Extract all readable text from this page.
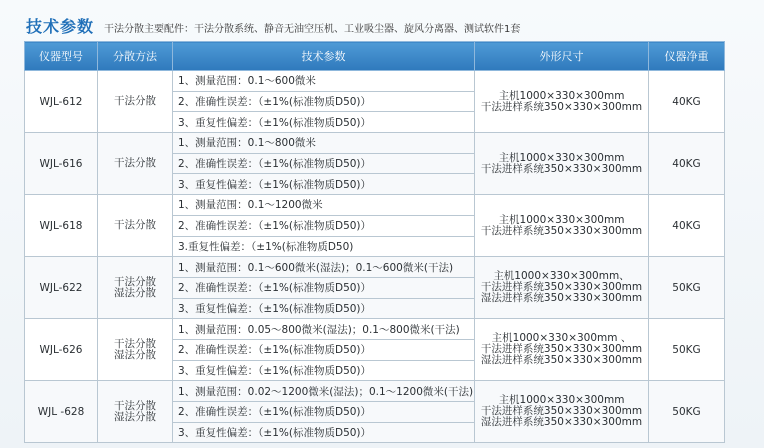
技术参数 干法分散主要配件：干法分散系统、静音无油空压机、工业吸尘器、旋风分离器、测试软件1套
仪器型号	分散方法	技术参数	外形尺寸	仪器净重
WJL-612	干法分散	1、测量范围：0.1～600微米	主机1000×330×300mm
干法进样系统350×330×300mm	40KG
		2、准确性误差：（±1%(标准物质D50)）		
		3、重复性偏差：（±1%(标准物质D50)）		
WJL-616	干法分散	1、测量范围：0.1～800微米	主机1000×330×300mm
干法进样系统350×330×300mm	40KG
		2、准确性误差：（±1%(标准物质D50)）		
		3、重复性偏差：（±1%(标准物质D50)）		
WJL-618	干法分散	1、测量范围：0.1～1200微米	主机1000×330×300mm
干法进样系统350×330×300mm	40KG
		2、准确性误差：（±1%(标准物质D50)）		
		3.重复性偏差：（±1%(标准物质D50)		
WJL-622	干法分散
湿法分散	1、测量范围：0.1～600微米(湿法)；0.1～600微米(干法)	主机1000×330×300mm、
干法进样系统350×330×300mm
湿法进样系统350×330×300mm	50KG
		2、准确性误差：（±1%(标准物质D50)）		
		3、重复性偏差：（±1%(标准物质D50)）		
WJL-626	干法分散
湿法分散	1、测量范围：0.05～800微米(湿法)；0.1～800微米(干法)	主机1000×330×300mm 、
干法进样系统350×330×300mm
湿法进样系统350×330×300mm	50KG
		2、准确性误差：（±1%(标准物质D50)）		
		3、重复性偏差：（±1%(标准物质D50)）		
WJL -628	干法分散
湿法分散	1、测量范围：0.02～1200微米(湿法)；0.1～1200微米(干法)	主机1000×330×300mm
干法进样系统350×330×300mm
湿法进样系统350×330×300mm	50KG
		2、准确性误差：（±1%(标准物质D50)）		
		3、重复性偏差：（±1%(标准物质D50)）		
